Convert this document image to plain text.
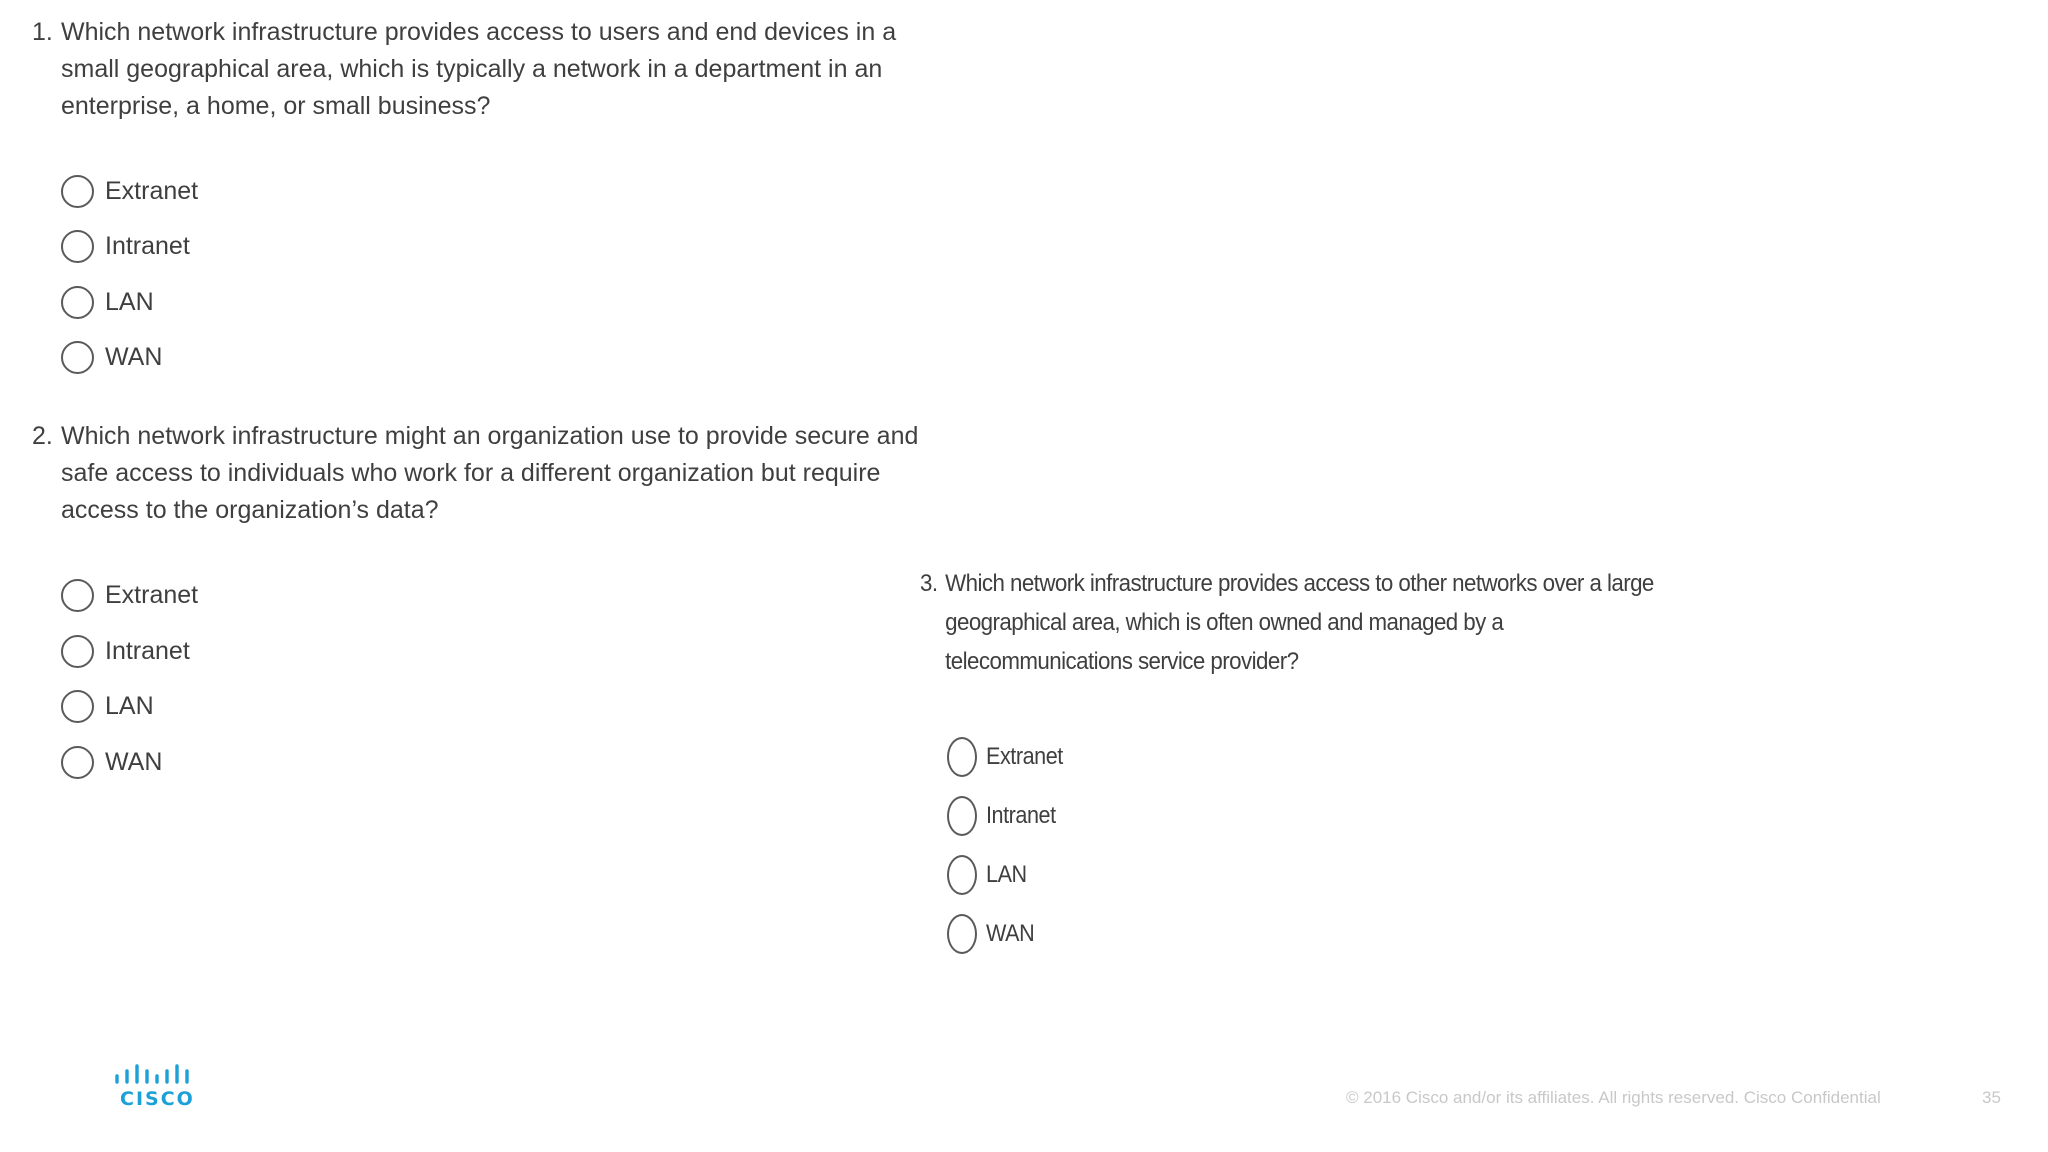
1. Which network infrastructure provides access to users and end devices in a
small geographical area, which is typically a network in a department in an
enterprise, a home, or small business?
Extranet
Intranet
LAN
WAN
2. Which network infrastructure might an organization use to provide secure and
safe access to individuals who work for a different organization but require
access to the organization’s data?
Extranet
Intranet
LAN
WAN
3. Which network infrastructure provides access to other networks over a large
geographical area, which is often owned and managed by a
telecommunications service provider?
Extranet
Intranet
LAN
WAN
CISCO	© 2016 Cisco and/or its affiliates. All rights reserved. Cisco Confidential	35
